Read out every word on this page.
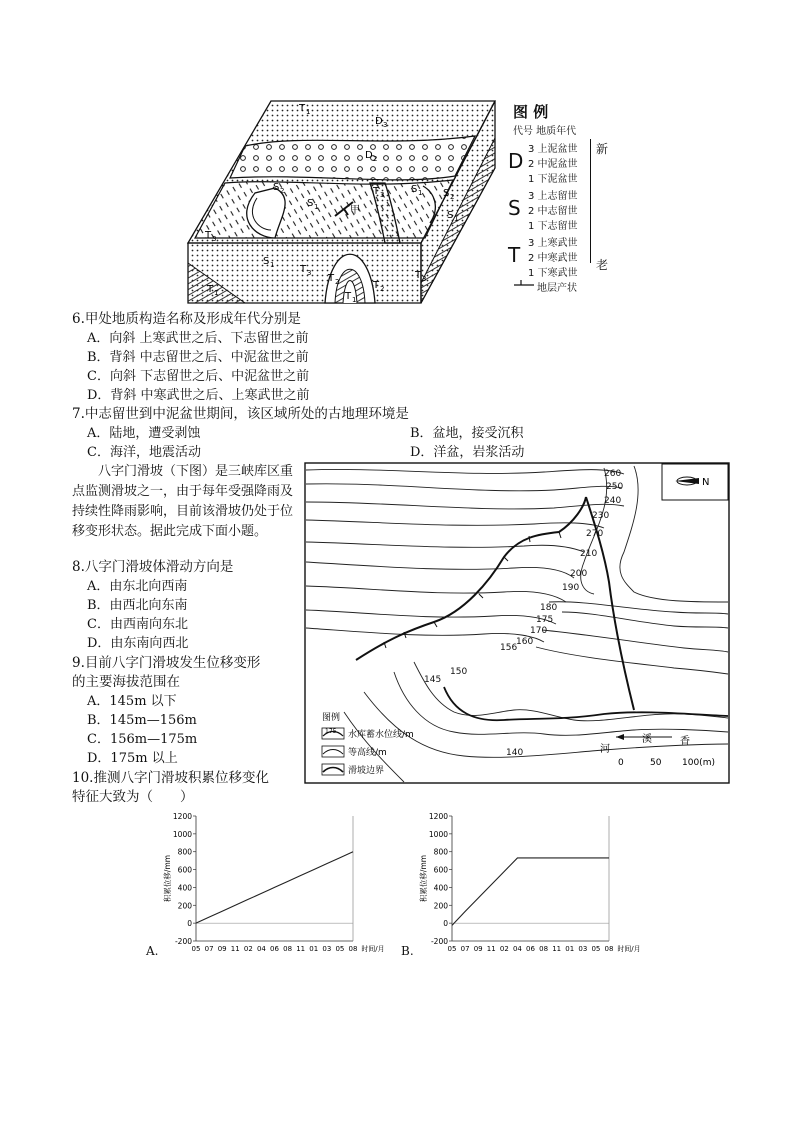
T 1
D 3
D 2
S 2
S 1
T 3
甲
S 1 S 2
S 1
T 3
S 1	T 3 T 2
T 1
T 2
T 3
T 1
图 例
代号 地质年代
新
老
D 3 上泥盆世
2 中泥盆世
1 下泥盆世
S 3 上志留世
2 中志留世
1 下志留世
T 3 上寒武世
2 中寒武世
1 下寒武世
地层产状
6.甲处地质构造名称及形成年代分别是
A．向斜 上寒武世之后、下志留世之前
B．背斜 中志留世之后、中泥盆世之前
C．向斜 下志留世之后、中泥盆世之前
D．背斜 中寒武世之后、上寒武世之前
7.中志留世到中泥盆世期间，该区域所处的古地理环境是
A．陆地，遭受剥蚀	B．盆地，接受沉积
C．海洋，地震活动	D．洋盆，岩浆活动

八字门滑坡（下图）是三峡库区重点监测滑坡之一，由于每年受强降雨及持续性降雨影响，目前该滑坡仍处于位移变形状态。据此完成下面小题。

8.八字门滑坡体滑动方向是
A．由东北向西南
B．由西北向东南
C．由西南向东北
D．由东南向西北
9.目前八字门滑坡发生位移变形
的主要海拔范围在
A．145m 以下
B．145m—156m
C．156m—175m
D．175m 以上
10.推测八字门滑坡积累位移变化
特征大致为（　　）
N
260
250
240
230
270
210
200
190
180
175
170
160
156
150
145
140
图例
175 水库蓄水位线/m
等高线/m
滑坡边界
河
溪	香
0	50 100(m)
A.	B.
1200
1000
800
600
400
200
0
-200
05 07 09 11 02 04 06 08 11 01 03 05 08 时间/月
积累位移/mm
1200
1000
800
600
400
200
0
-200
05 07 09 11 02 04 06 08 11 01 03 05 08 时间/月
积累位移/mm
